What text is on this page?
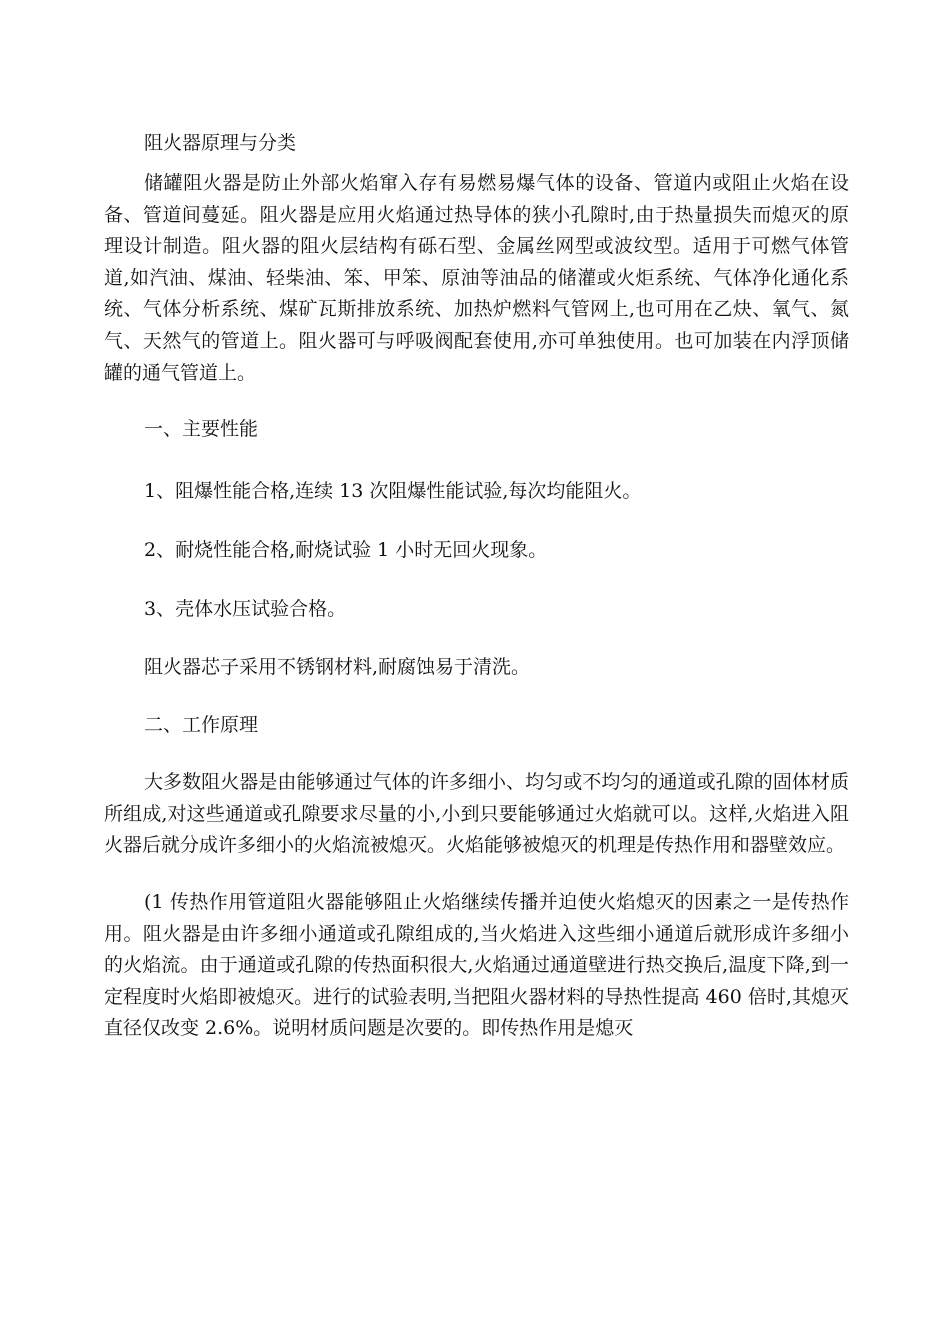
阻火器原理与分类

储罐阻火器是防止外部火焰窜入存有易燃易爆气体的设备、管道内或阻止火焰在设备、管道间蔓延。阻火器是应用火焰通过热导体的狭小孔隙时,由于热量损失而熄灭的原理设计制造。阻火器的阻火层结构有砾石型、金属丝网型或波纹型。适用于可燃气体管道,如汽油、煤油、轻柴油、笨、甲笨、原油等油品的储灌或火炬系统、气体净化通化系统、气体分析系统、煤矿瓦斯排放系统、加热炉燃料气管网上,也可用在乙炔、氧气、氮气、天然气的管道上。阻火器可与呼吸阀配套使用,亦可单独使用。也可加装在内浮顶储罐的通气管道上。

一、主要性能

1、阻爆性能合格,连续 13 次阻爆性能试验,每次均能阻火。

2、耐烧性能合格,耐烧试验 1 小时无回火现象。

3、壳体水压试验合格。

阻火器芯子采用不锈钢材料,耐腐蚀易于清洗。

二、工作原理

大多数阻火器是由能够通过气体的许多细小、均匀或不均匀的通道或孔隙的固体材质所组成,对这些通道或孔隙要求尽量的小,小到只要能够通过火焰就可以。这样,火焰进入阻火器后就分成许多细小的火焰流被熄灭。火焰能够被熄灭的机理是传热作用和器壁效应。

(1 传热作用管道阻火器能够阻止火焰继续传播并迫使火焰熄灭的因素之一是传热作用。阻火器是由许多细小通道或孔隙组成的,当火焰进入这些细小通道后就形成许多细小的火焰流。由于通道或孔隙的传热面积很大,火焰通过通道壁进行热交换后,温度下降,到一定程度时火焰即被熄灭。进行的试验表明,当把阻火器材料的导热性提高 460 倍时,其熄灭直径仅改变 2.6%。说明材质问题是次要的。即传热作用是熄灭
